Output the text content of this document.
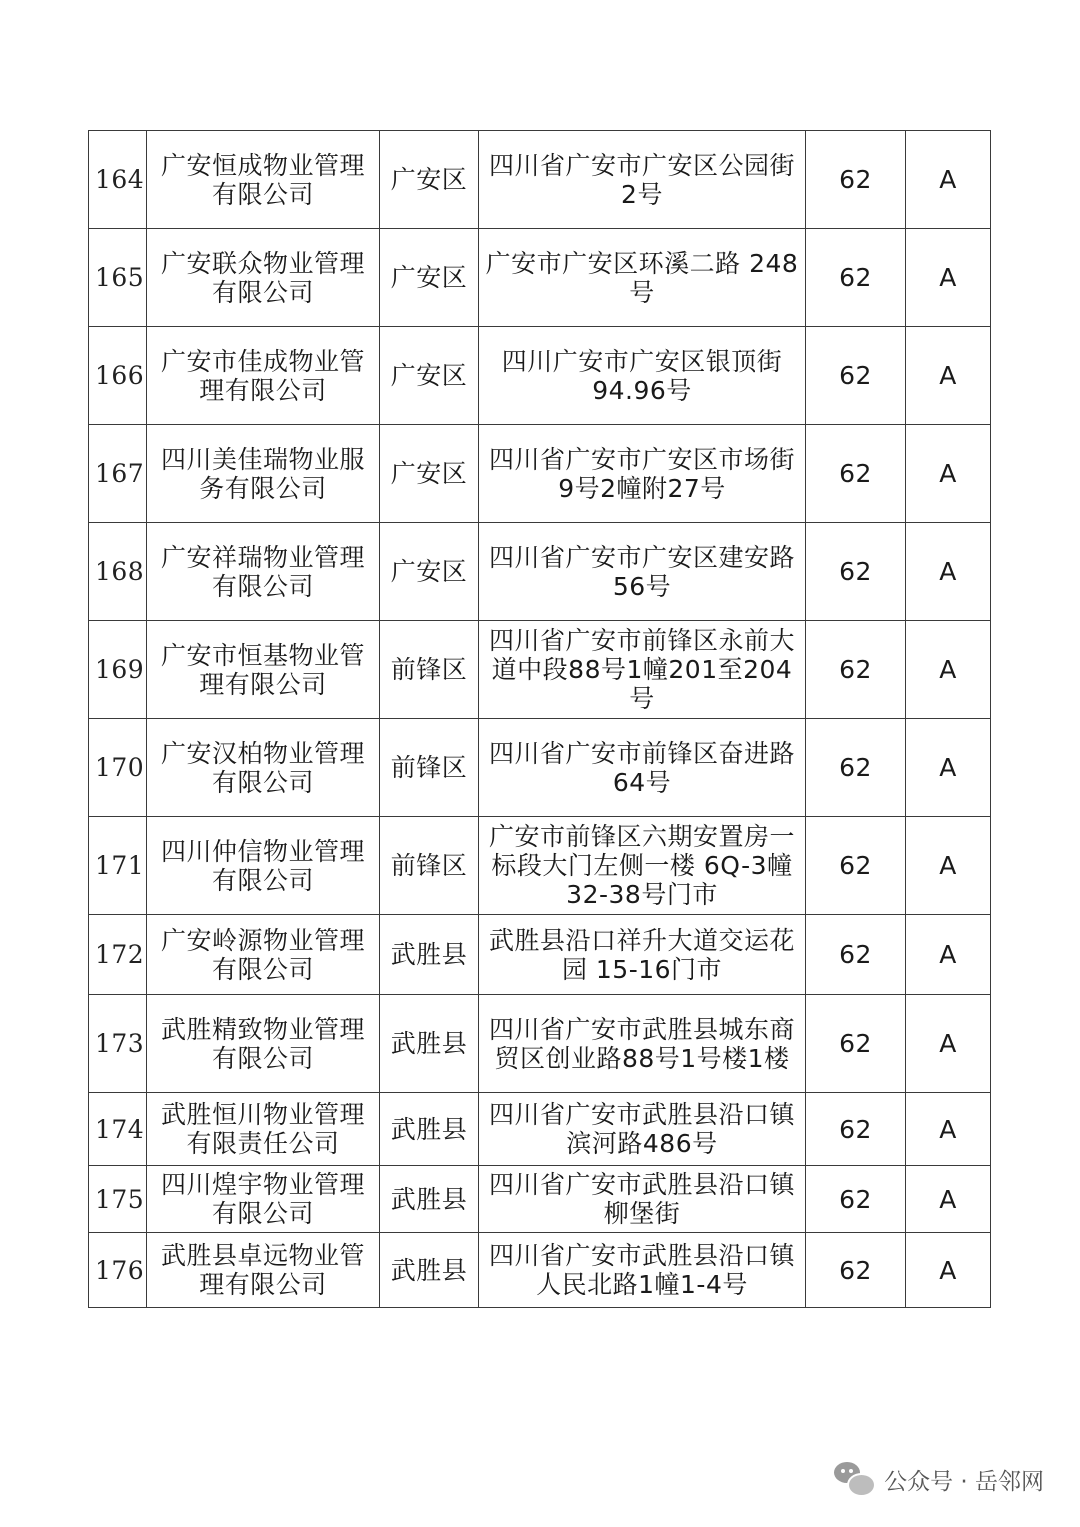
164	广安恒成物业管理有限公司	广安区	四川省广安市广安区公园街2号	62	A
165	广安联众物业管理有限公司	广安区	广安市广安区环溪二路 248号	62	A
166	广安市佳成物业管理有限公司	广安区	四川广安市广安区银顶街94.96号	62	A
167	四川美佳瑞物业服务有限公司	广安区	四川省广安市广安区市场街9号2幢附27号	62	A
168	广安祥瑞物业管理有限公司	广安区	四川省广安市广安区建安路56号	62	A
169	广安市恒基物业管理有限公司	前锋区	四川省广安市前锋区永前大道中段88号1幢201至204号	62	A
170	广安汉柏物业管理有限公司	前锋区	四川省广安市前锋区奋进路64号	62	A
171	四川仲信物业管理有限公司	前锋区	广安市前锋区六期安置房一标段大门左侧一楼 6Q-3幢32-38号门市	62	A
172	广安岭源物业管理有限公司	武胜县	武胜县沿口祥升大道交运花园 15-16门市	62	A
173	武胜精致物业管理有限公司	武胜县	四川省广安市武胜县城东商贸区创业路88号1号楼1楼	62	A
174	武胜恒川物业管理有限责任公司	武胜县	四川省广安市武胜县沿口镇滨河路486号	62	A
175	四川煌宇物业管理有限公司	武胜县	四川省广安市武胜县沿口镇柳堡街	62	A
176	武胜县卓远物业管理有限公司	武胜县	四川省广安市武胜县沿口镇人民北路1幢1-4号	62	A
公众号 · 岳邻网
